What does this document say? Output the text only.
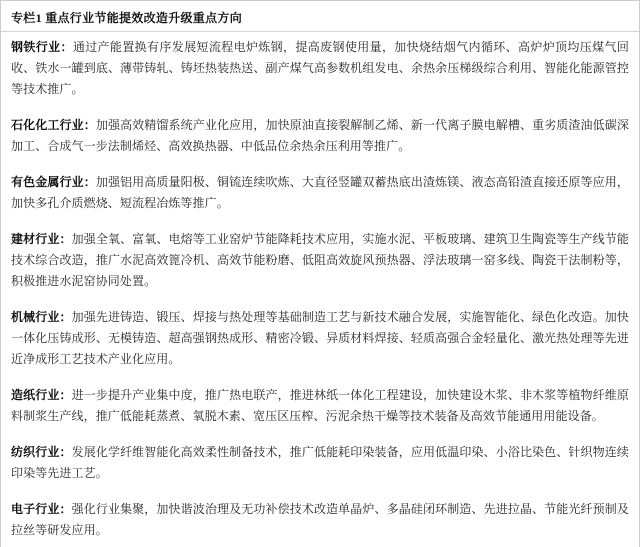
专栏1 重点行业节能提效改造升级重点方向

钢铁行业：通过产能置换有序发展短流程电炉炼钢，提高废钢使用量，加快烧结烟气内循环、高炉炉顶均压煤气回收、铁水一罐到底、薄带铸轧、铸坯热装热送、副产煤气高参数机组发电、余热余压梯级综合利用、智能化能源管控等技术推广。

石化化工行业：加强高效精馏系统产业化应用，加快原油直接裂解制乙烯、新一代离子膜电解槽、重劣质渣油低碳深加工、合成气一步法制烯烃、高效换热器、中低品位余热余压利用等推广。

有色金属行业：加强铝用高质量阳极、铜锍连续吹炼、大直径竖罐双蓄热底出渣炼镁、液态高铅渣直接还原等应用，加快多孔介质燃烧、短流程冶炼等推广。

建材行业：加强全氧、富氧、电熔等工业窑炉节能降耗技术应用，实施水泥、平板玻璃、建筑卫生陶瓷等生产线节能技术综合改造，推广水泥高效篦冷机、高效节能粉磨、低阻高效旋风预热器、浮法玻璃一窑多线、陶瓷干法制粉等，积极推进水泥窑协同处置。

机械行业：加强先进铸造、锻压、焊接与热处理等基础制造工艺与新技术融合发展，实施智能化、绿色化改造。加快一体化压铸成形、无模铸造、超高强钢热成形、精密冷锻、异质材料焊接、轻质高强合金轻量化、激光热处理等先进近净成形工艺技术产业化应用。

造纸行业：进一步提升产业集中度，推广热电联产，推进林纸一体化工程建设，加快建设木浆、非木浆等植物纤维原料制浆生产线，推广低能耗蒸煮、氧脱木素、宽压区压榨、污泥余热干燥等技术装备及高效节能通用用能设备。

纺织行业：发展化学纤维智能化高效柔性制备技术，推广低能耗印染装备，应用低温印染、小浴比染色、针织物连续印染等先进工艺。

电子行业：强化行业集聚，加快谐波治理及无功补偿技术改造单晶炉、多晶硅闭环制造、先进拉晶、节能光纤预制及拉丝等研发应用。
